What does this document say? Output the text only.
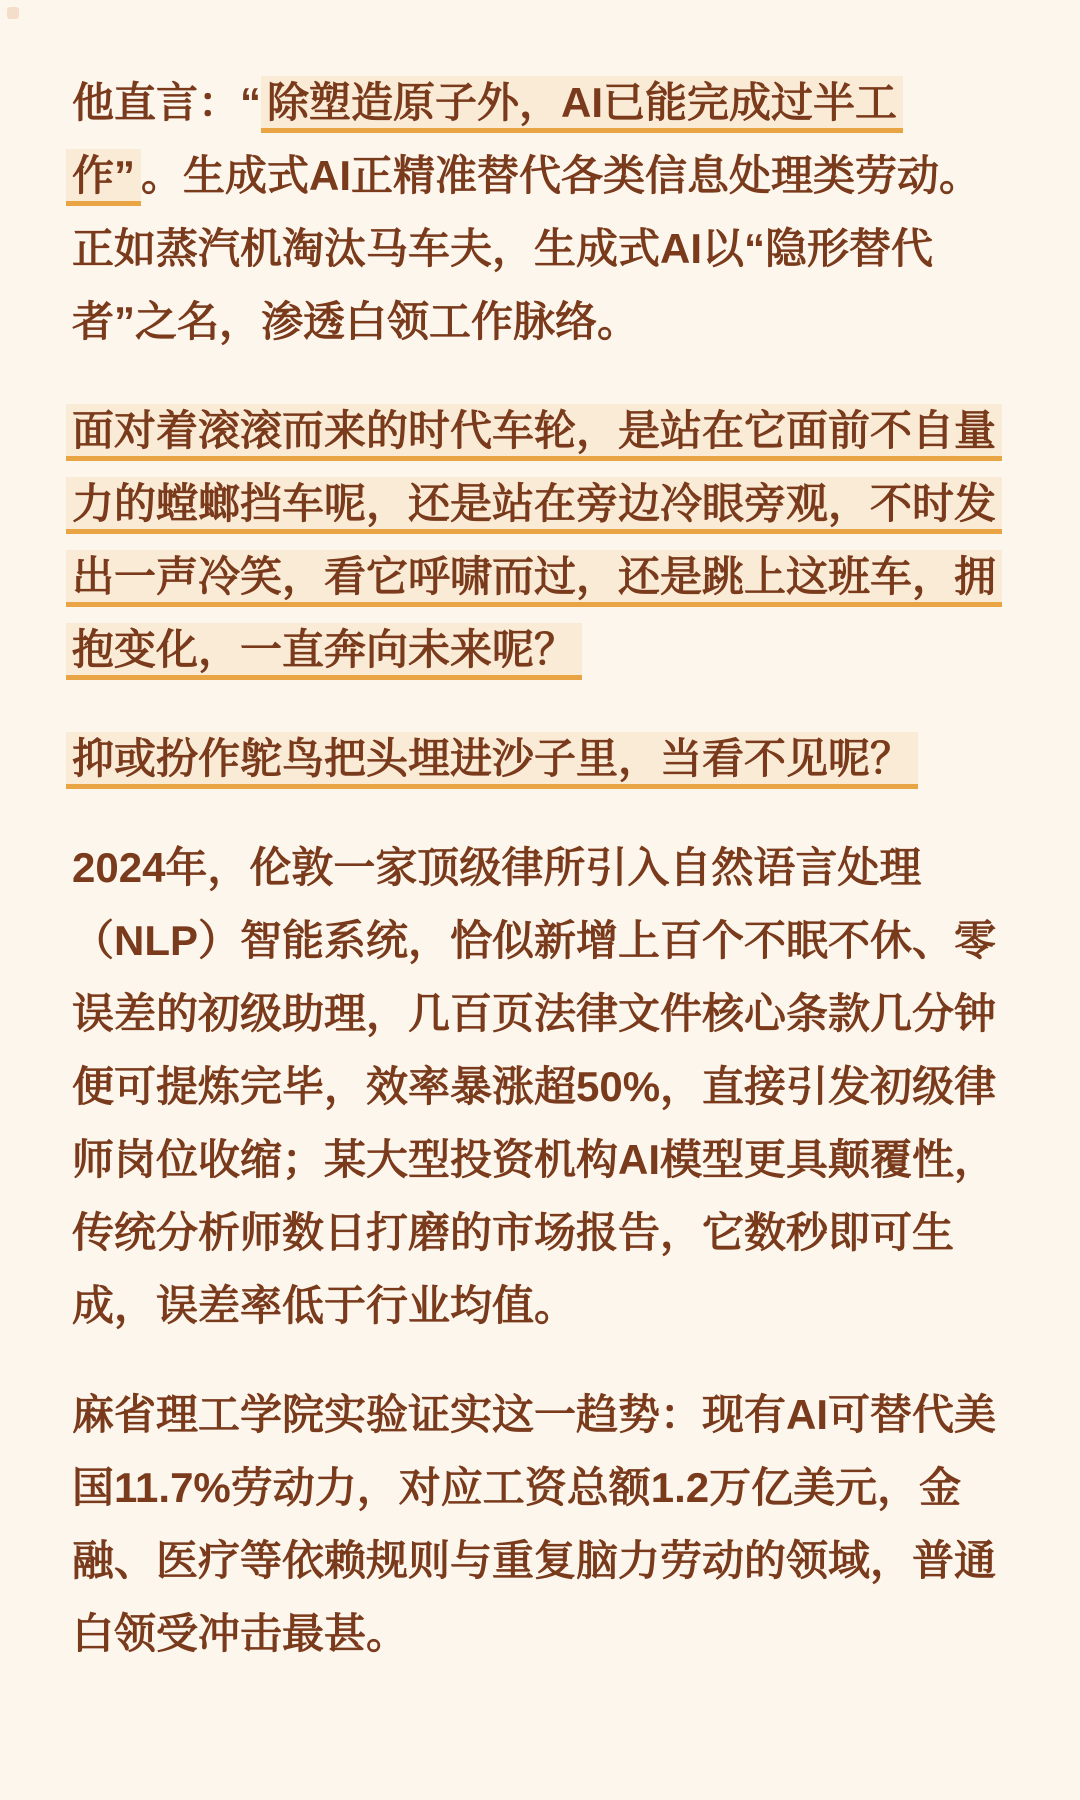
他直言：“ 除塑造原子外，AI已能完成过半工
作” 。生成式AI正精准替代各类信息处理类劳动。
正如蒸汽机淘汰马车夫，生成式AI以“隐形替代
者”之名，渗透白领工作脉络。
面对着滚滚而来的时代车轮，是站在它面前不自量
力的螳螂挡车呢，还是站在旁边冷眼旁观，不时发
出一声冷笑，看它呼啸而过，还是跳上这班车，拥
抱变化，一直奔向未来呢？
抑或扮作鸵鸟把头埋进沙子里，当看不见呢？
2024年，伦敦一家顶级律所引入自然语言处理
（NLP）智能系统，恰似新增上百个不眠不休、零
误差的初级助理，几百页法律文件核心条款几分钟
便可提炼完毕，效率暴涨超50%，直接引发初级律
师岗位收缩；某大型投资机构AI模型更具颠覆性，
传统分析师数日打磨的市场报告，它数秒即可生
成，误差率低于行业均值。
麻省理工学院实验证实这一趋势：现有AI可替代美
国11.7%劳动力，对应工资总额1.2万亿美元，金
融、医疗等依赖规则与重复脑力劳动的领域，普通
白领受冲击最甚。
